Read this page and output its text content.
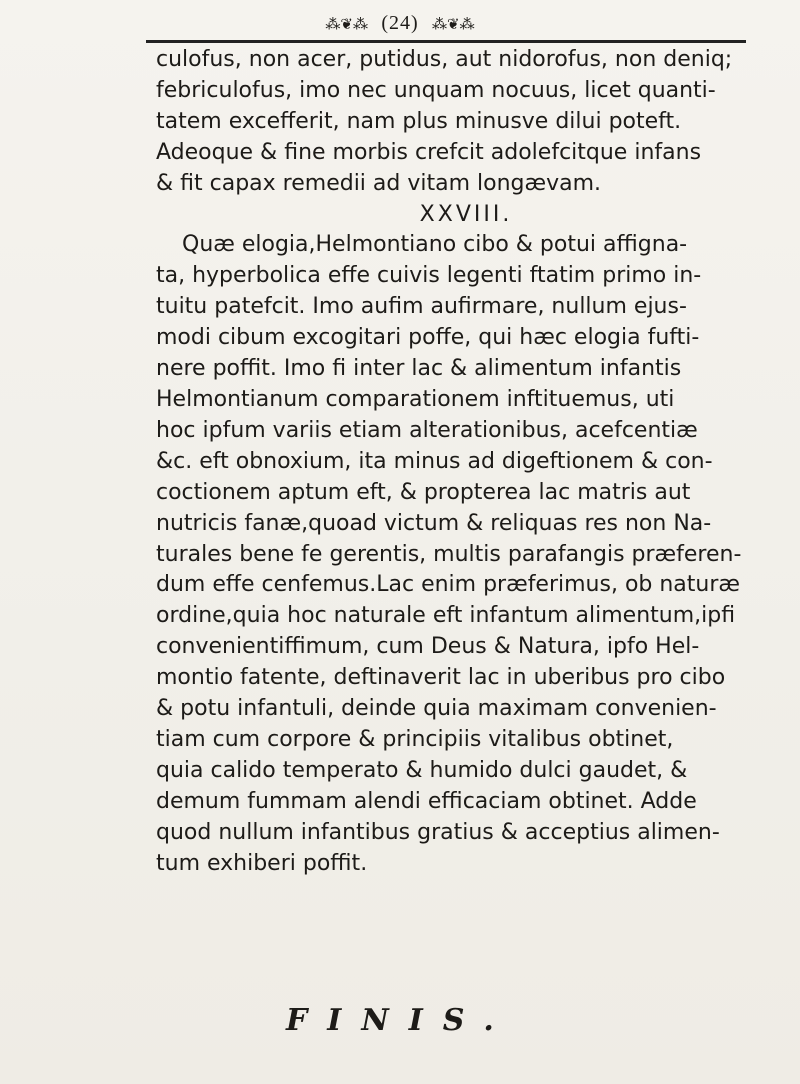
⁂❦⁂ (24) ⁂❦⁂
culofus, non acer, putidus, aut nidorofus, non deniq;
febriculofus, imo nec unquam nocuus, licet quanti-
tatem excefferit, nam plus minusve dilui poteft.
Adeoque & fine morbis crefcit adolefcitque infans
& fit capax remedii ad vitam longævam.
XXVIII.
Quæ elogia,Helmontiano cibo & potui affigna-
ta, hyperbolica effe cuivis legenti ftatim primo in-
tuitu patefcit. Imo aufim aufirmare, nullum ejus-
modi cibum excogitari poffe, qui hæc elogia fufti-
nere poffit. Imo fi inter lac & alimentum infantis
Helmontianum comparationem inftituemus, uti
hoc ipfum variis etiam alterationibus, acefcentiæ
&c. eft obnoxium, ita minus ad digeftionem & con-
coctionem aptum eft, & propterea lac matris aut
nutricis fanæ,quoad victum & reliquas res non Na-
turales bene fe gerentis, multis parafangis præferen-
dum effe cenfemus.Lac enim præferimus, ob naturæ
ordine,quia hoc naturale eft infantum alimentum,ipfi
convenientiffimum, cum Deus & Natura, ipfo Hel-
montio fatente, deftinaverit lac in uberibus pro cibo
& potu infantuli, deinde quia maximam convenien-
tiam cum corpore & principiis vitalibus obtinet,
quia calido temperato & humido dulci gaudet, &
demum fummam alendi efficaciam obtinet. Adde
quod nullum infantibus gratius & acceptius alimen-
tum exhiberi poffit.
FINIS.
